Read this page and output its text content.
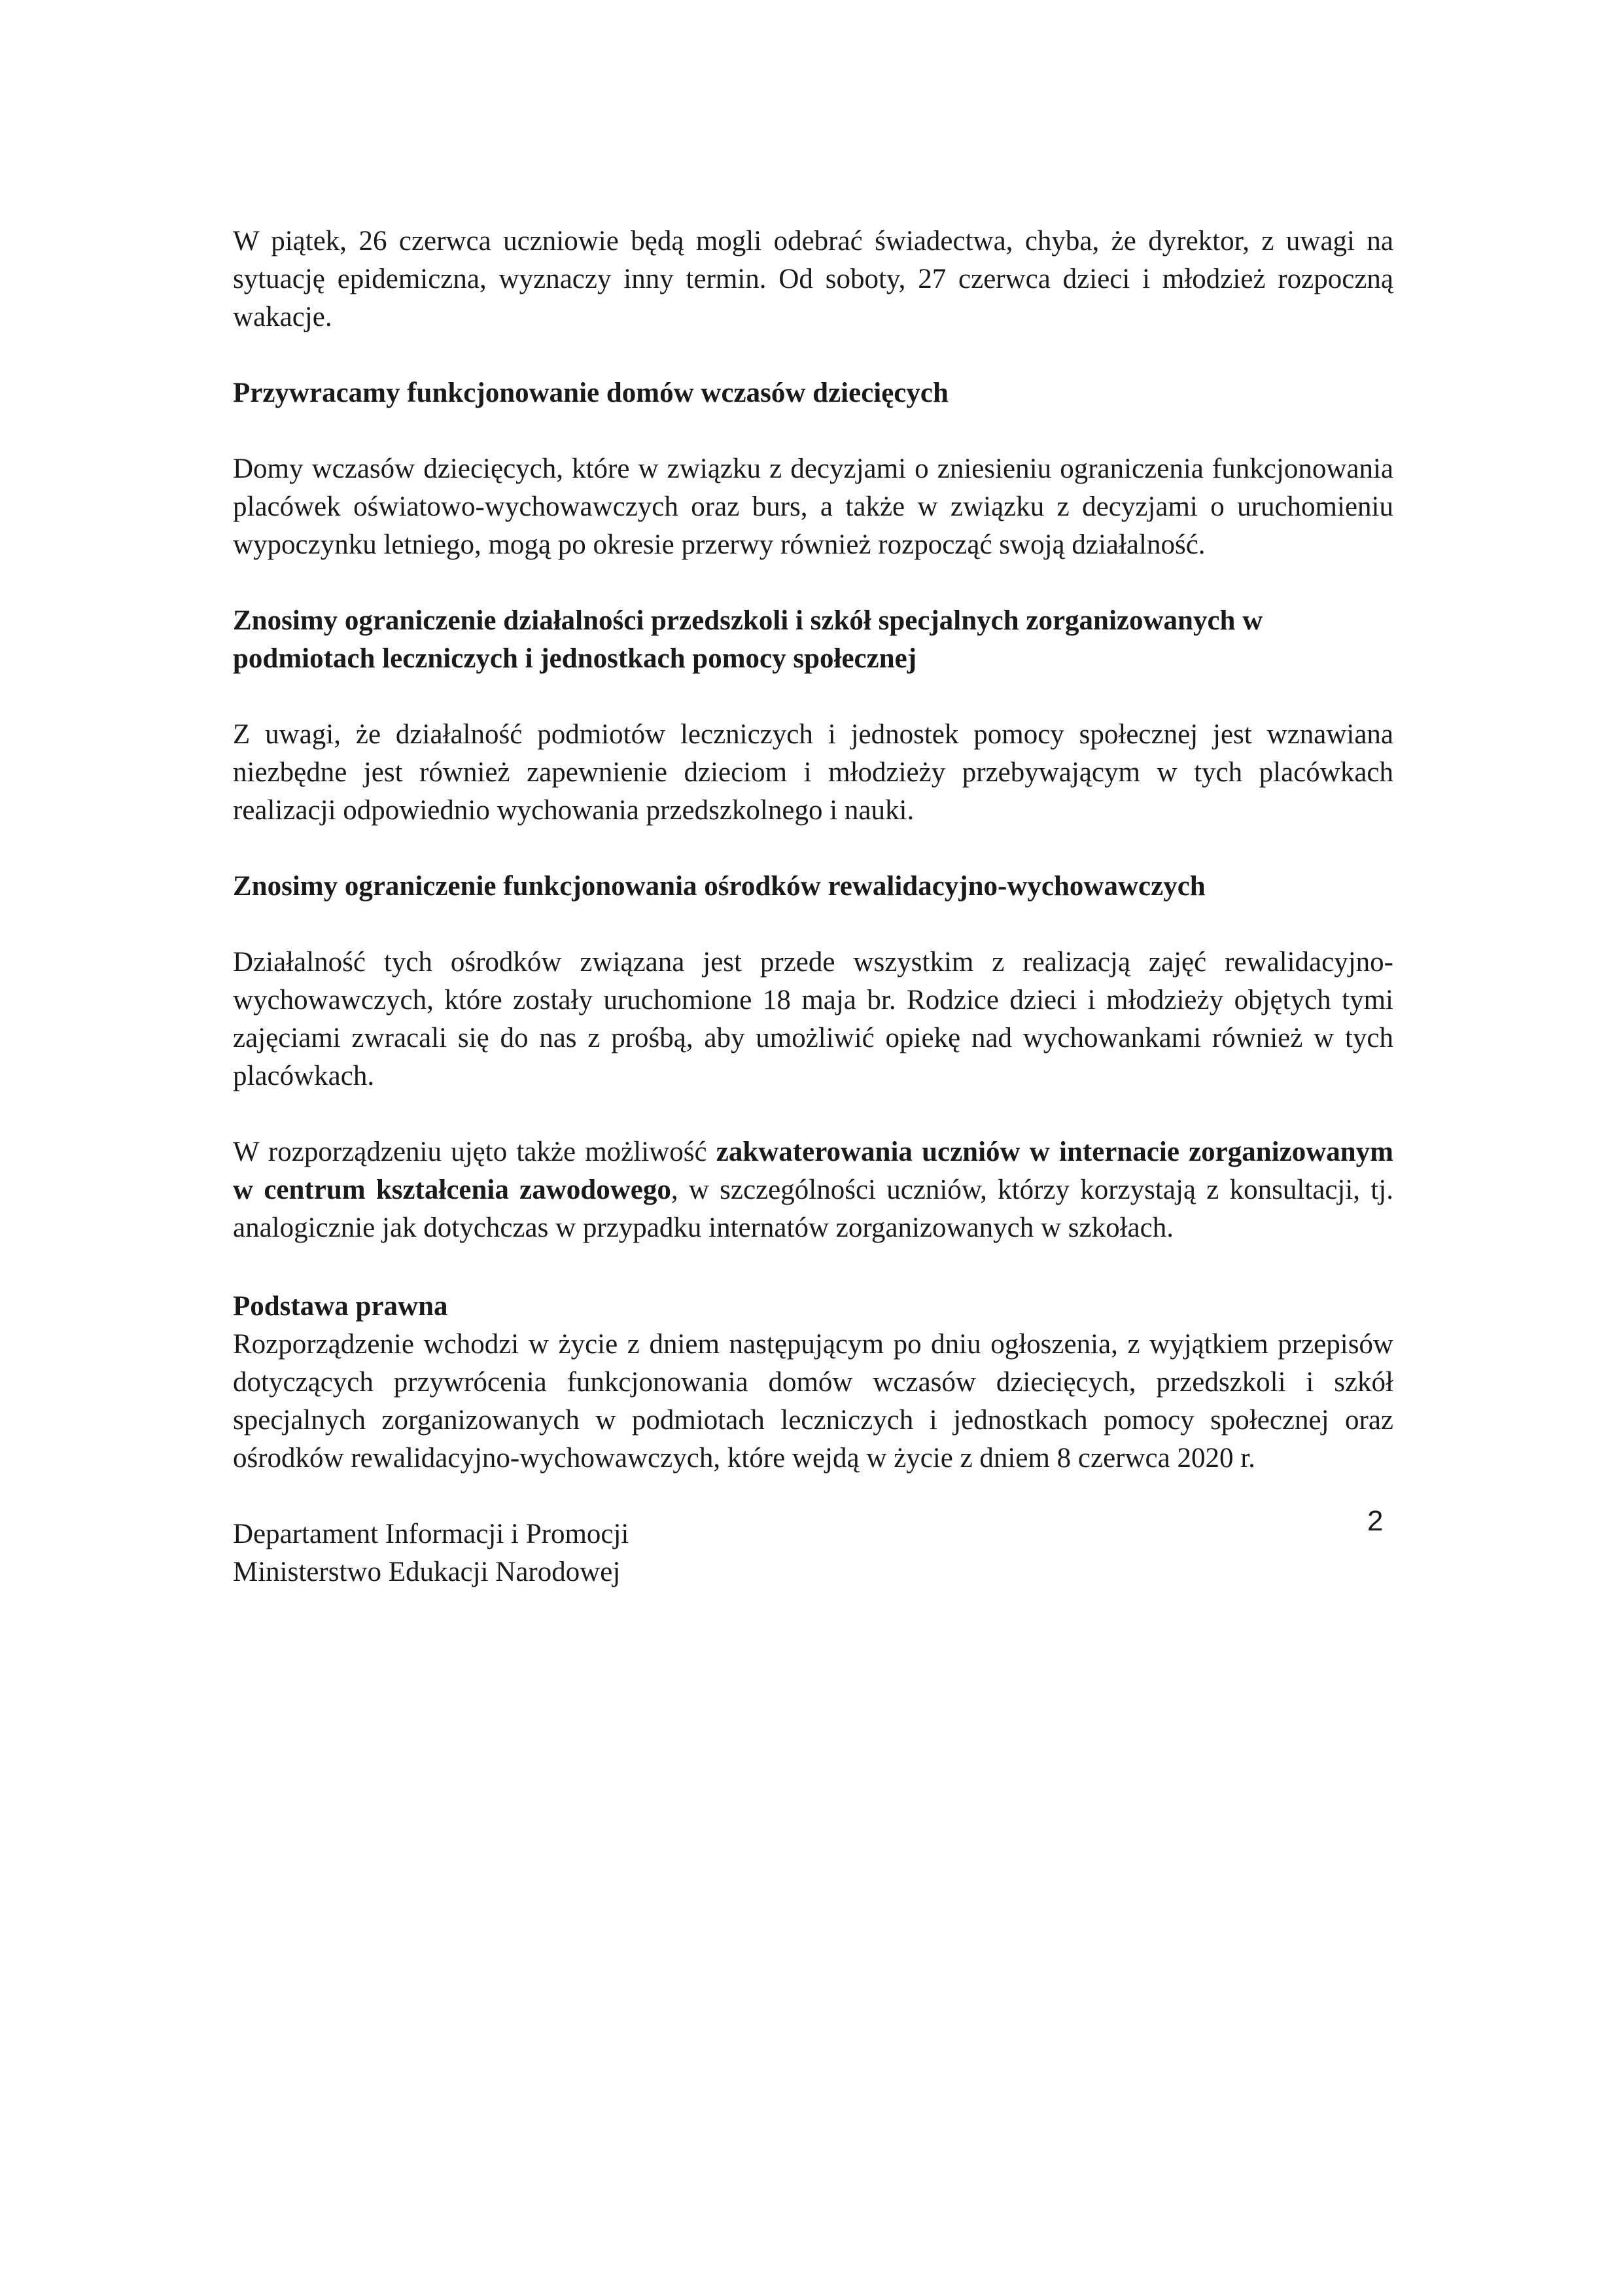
W piątek, 26 czerwca uczniowie będą mogli odebrać świadectwa, chyba, że dyrektor, z uwagi na sytuację epidemiczna, wyznaczy inny termin. Od soboty, 27 czerwca dzieci i młodzież rozpoczną wakacje.

Przywracamy funkcjonowanie domów wczasów dziecięcych

Domy wczasów dziecięcych, które w związku z decyzjami o zniesieniu ograniczenia funkcjonowania placówek oświatowo-wychowawczych oraz burs, a także w związku z decyzjami o uruchomieniu wypoczynku letniego, mogą po okresie przerwy również rozpocząć swoją działalność.

Znosimy ograniczenie działalności przedszkoli i szkół specjalnych zorganizowanych w podmiotach leczniczych i jednostkach pomocy społecznej

Z uwagi, że działalność podmiotów leczniczych i jednostek pomocy społecznej jest wznawiana niezbędne jest również zapewnienie dzieciom i młodzieży przebywającym w tych placówkach realizacji odpowiednio wychowania przedszkolnego i nauki.

Znosimy ograniczenie funkcjonowania ośrodków rewalidacyjno-wychowawczych

Działalność tych ośrodków związana jest przede wszystkim z realizacją zajęć rewalidacyjno-wychowawczych, które zostały uruchomione 18 maja br. Rodzice dzieci i młodzieży objętych tymi zajęciami zwracali się do nas z prośbą, aby umożliwić opiekę nad wychowankami również w tych placówkach.

W rozporządzeniu ujęto także możliwość zakwaterowania uczniów w internacie zorganizowanym w centrum kształcenia zawodowego, w szczególności uczniów, którzy korzystają z konsultacji, tj. analogicznie jak dotychczas w przypadku internatów zorganizowanych w szkołach.

Podstawa prawna

Rozporządzenie wchodzi w życie z dniem następującym po dniu ogłoszenia, z wyjątkiem przepisów dotyczących przywrócenia funkcjonowania domów wczasów dziecięcych, przedszkoli i szkół specjalnych zorganizowanych w podmiotach leczniczych i jednostkach pomocy społecznej oraz ośrodków rewalidacyjno-wychowawczych, które wejdą w życie z dniem 8 czerwca 2020 r.

Departament Informacji i Promocji

Ministerstwo Edukacji Narodowej

2
